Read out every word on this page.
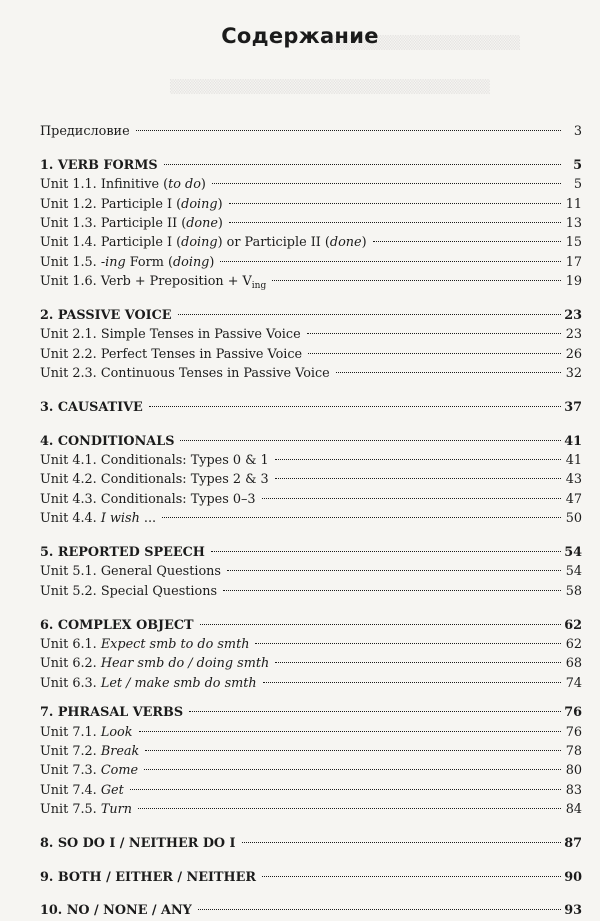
▒▒▒▒▒▒▒▒▒▒▒▒▒▒▒▒▒▒▒
▒▒▒▒▒▒▒▒▒▒▒▒▒▒▒▒▒▒▒▒▒▒▒▒▒▒▒▒▒▒▒▒
Содержание
Предисловие	3
1. VERB FORMS	5
Unit 1.1. Infinitive (to do)	5
Unit 1.2. Participle I (doing)	11
Unit 1.3. Participle II (done)	13
Unit 1.4. Participle I (doing) or Participle II (done)	15
Unit 1.5. -ing Form (doing)	17
Unit 1.6. Verb + Preposition + $V_{ing}$	19
2. PASSIVE VOICE	23
Unit 2.1. Simple Tenses in Passive Voice	23
Unit 2.2. Perfect Tenses in Passive Voice	26
Unit 2.3. Continuous Tenses in Passive Voice	32
3. CAUSATIVE	37
4. CONDITIONALS	41
Unit 4.1. Conditionals: Types 0 & 1	41
Unit 4.2. Conditionals: Types 2 & 3	43
Unit 4.3. Conditionals: Types 0–3	47
Unit 4.4. I wish ...	50
5. REPORTED SPEECH	54
Unit 5.1. General Questions	54
Unit 5.2. Special Questions	58
6. COMPLEX OBJECT	62
Unit 6.1. Expect smb to do smth	62
Unit 6.2. Hear smb do / doing smth	68
Unit 6.3. Let / make smb do smth	74
7. PHRASAL VERBS	76
Unit 7.1. Look	76
Unit 7.2. Break	78
Unit 7.3. Come	80
Unit 7.4. Get	83
Unit 7.5. Turn	84
8. SO DO I / NEITHER DO I	87
9. BOTH / EITHER / NEITHER	90
10. NO / NONE / ANY	93
